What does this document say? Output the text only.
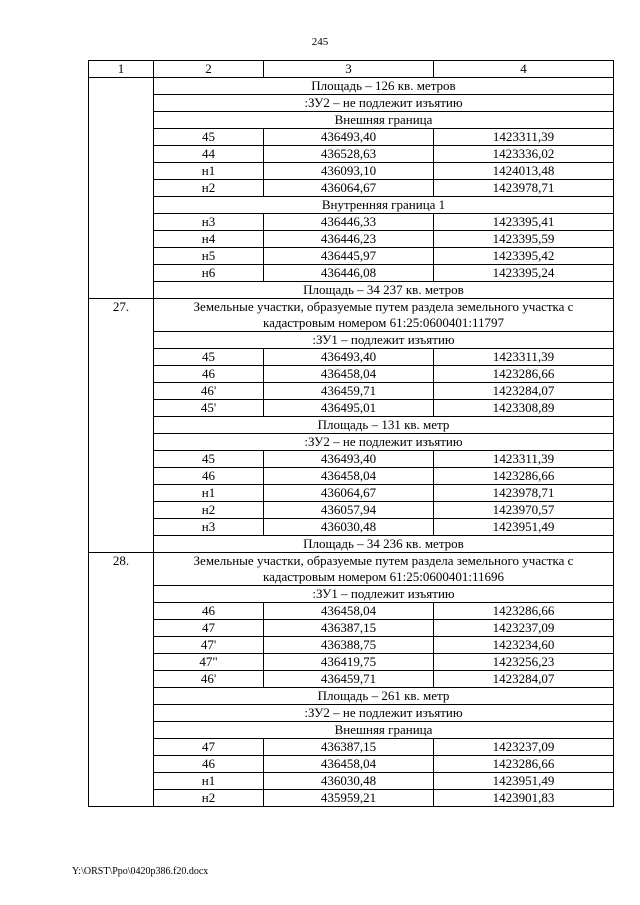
245
1	2	3	4
	Площадь – 126 кв. метров		
	:ЗУ2 – не подлежит изъятию		
	Внешняя граница		
	45	436493,40	1423311,39
	44	436528,63	1423336,02
	н1	436093,10	1424013,48
	н2	436064,67	1423978,71
	Внутренняя граница 1		
	н3	436446,33	1423395,41
	н4	436446,23	1423395,59
	н5	436445,97	1423395,42
	н6	436446,08	1423395,24
	Площадь – 34 237 кв. метров		
27.	Земельные участки, образуемые путем раздела земельного участка с кадастровым номером 61:25:0600401:11797		

	:ЗУ1 – подлежит изъятию		
	45	436493,40	1423311,39
	46	436458,04	1423286,66
	46'	436459,71	1423284,07
	45'	436495,01	1423308,89
	Площадь – 131 кв. метр		
	:ЗУ2 – не подлежит изъятию		
	45	436493,40	1423311,39
	46	436458,04	1423286,66
	н1	436064,67	1423978,71
	н2	436057,94	1423970,57
	н3	436030,48	1423951,49
	Площадь – 34 236 кв. метров		
28.	Земельные участки, образуемые путем раздела земельного участка с кадастровым номером 61:25:0600401:11696		

	:ЗУ1 – подлежит изъятию		
	46	436458,04	1423286,66
	47	436387,15	1423237,09
	47'	436388,75	1423234,60
	47"	436419,75	1423256,23
	46'	436459,71	1423284,07
	Площадь – 261 кв. метр		
	:ЗУ2 – не подлежит изъятию		
	Внешняя граница		
	47	436387,15	1423237,09
	46	436458,04	1423286,66
	н1	436030,48	1423951,49
	н2	435959,21	1423901,83
Y:\ORST\Ppo\0420p386.f20.docx
